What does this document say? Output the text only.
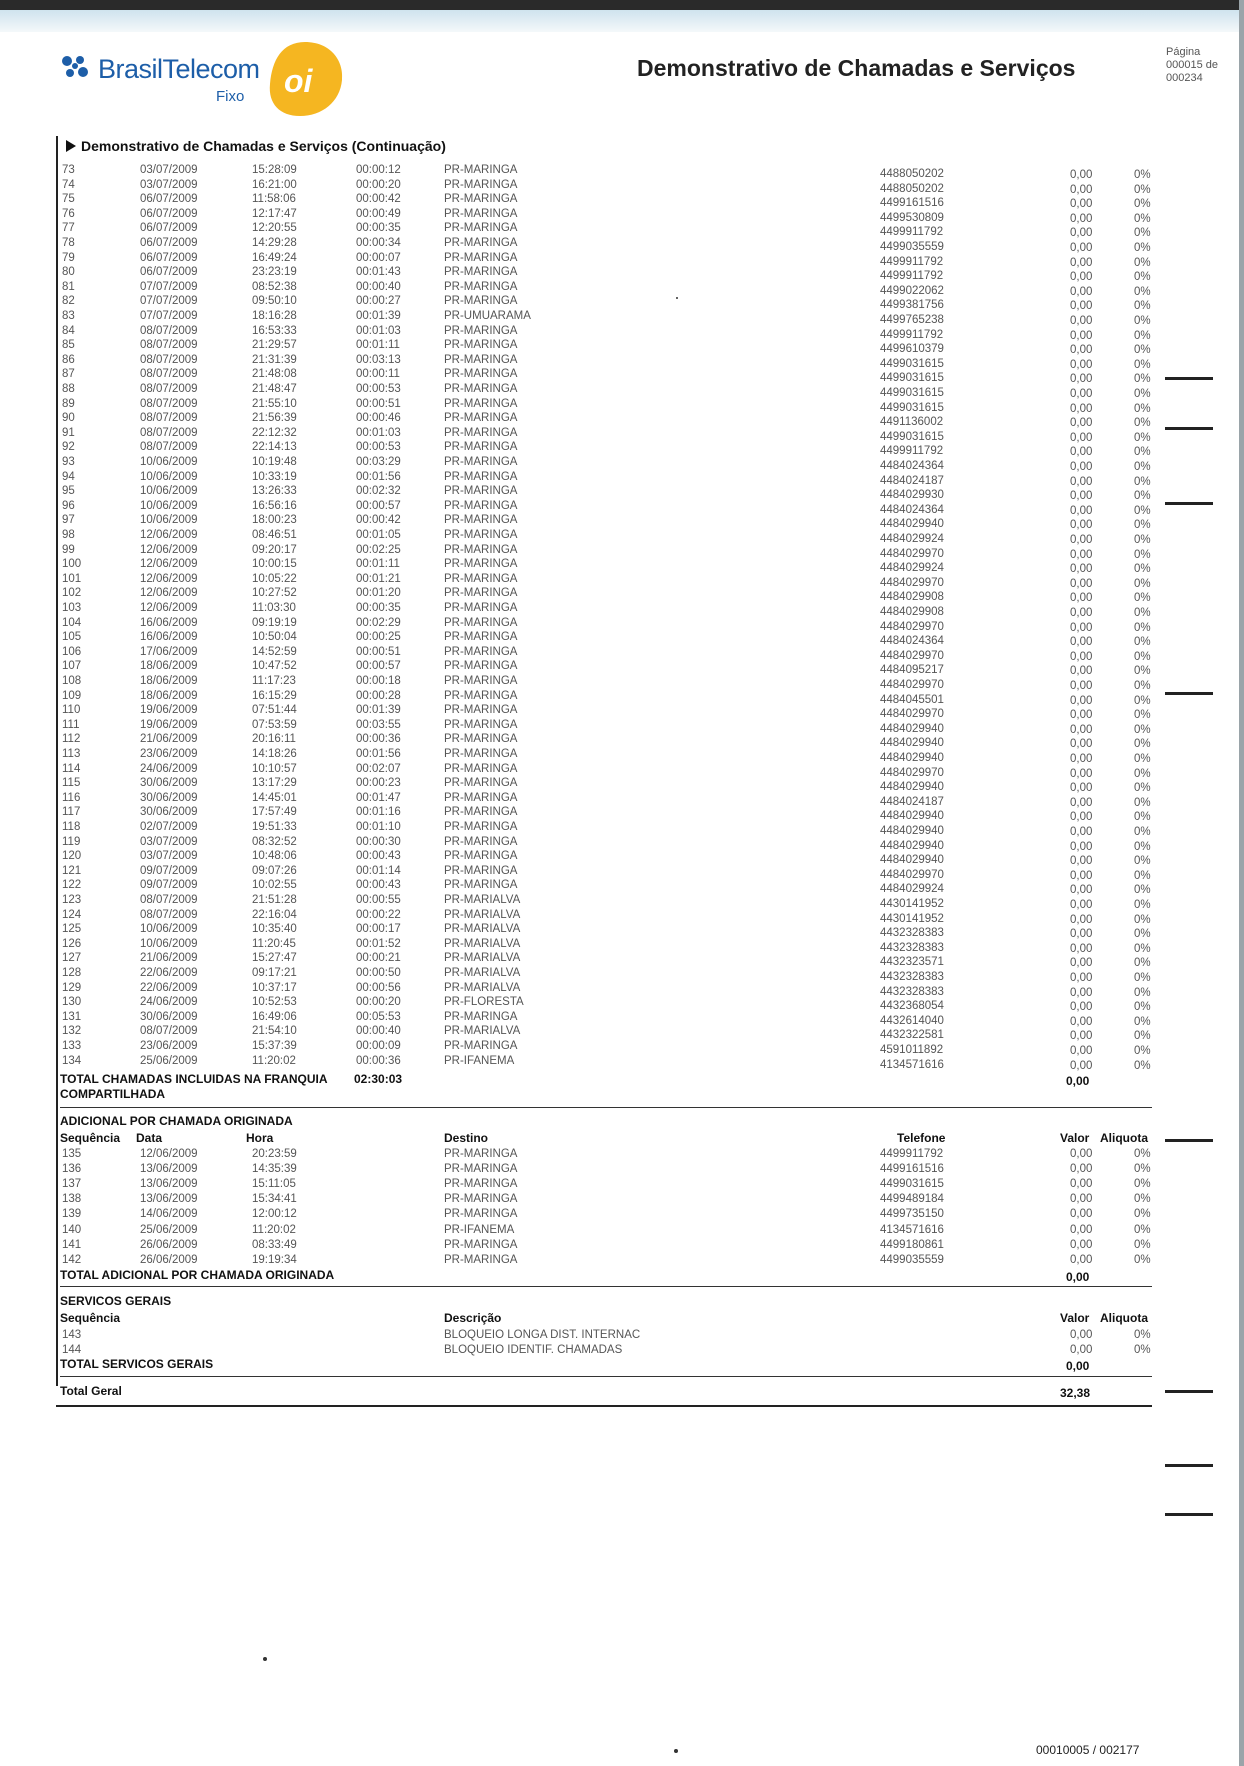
BrasilTelecom
Fixo oi	Demonstrativo de Chamadas e Serviços
Página
000015 de
000234
Demonstrativo de Chamadas e Serviços (Continuação)
73	03/07/2009	15:28:09	00:00:12	PR-MARINGA	4488050202	0,00	0%
74	03/07/2009	16:21:00	00:00:20	PR-MARINGA	4488050202	0,00	0%
75	06/07/2009	11:58:06	00:00:42	PR-MARINGA	4499161516	0,00	0%
76	06/07/2009	12:17:47	00:00:49	PR-MARINGA	4499530809	0,00	0%
77	06/07/2009	12:20:55	00:00:35	PR-MARINGA	4499911792	0,00	0%
78	06/07/2009	14:29:28	00:00:34	PR-MARINGA	4499035559	0,00	0%
79	06/07/2009	16:49:24	00:00:07	PR-MARINGA	4499911792	0,00	0%
80	06/07/2009	23:23:19	00:01:43	PR-MARINGA	4499911792	0,00	0%
81	07/07/2009	08:52:38	00:00:40	PR-MARINGA	4499022062	0,00	0%
82	07/07/2009	09:50:10	00:00:27	PR-MARINGA	4499381756	0,00	0%
83	07/07/2009	18:16:28	00:01:39	PR-UMUARAMA	4499765238	0,00	0%
84	08/07/2009	16:53:33	00:01:03	PR-MARINGA	4499911792	0,00	0%
85	08/07/2009	21:29:57	00:01:11	PR-MARINGA	4499610379	0,00	0%
86	08/07/2009	21:31:39	00:03:13	PR-MARINGA	4499031615	0,00	0%
87	08/07/2009	21:48:08	00:00:11	PR-MARINGA	4499031615	0,00	0%
88	08/07/2009	21:48:47	00:00:53	PR-MARINGA	4499031615	0,00	0%
89	08/07/2009	21:55:10	00:00:51	PR-MARINGA	4499031615	0,00	0%
90	08/07/2009	21:56:39	00:00:46	PR-MARINGA	4491136002	0,00	0%
91	08/07/2009	22:12:32	00:01:03	PR-MARINGA	4499031615	0,00	0%
92	08/07/2009	22:14:13	00:00:53	PR-MARINGA	4499911792	0,00	0%
93	10/06/2009	10:19:48	00:03:29	PR-MARINGA	4484024364	0,00	0%
94	10/06/2009	10:33:19	00:01:56	PR-MARINGA	4484024187	0,00	0%
95	10/06/2009	13:26:33	00:02:32	PR-MARINGA	4484029930	0,00	0%
96	10/06/2009	16:56:16	00:00:57	PR-MARINGA	4484024364	0,00	0%
97	10/06/2009	18:00:23	00:00:42	PR-MARINGA	4484029940	0,00	0%
98	12/06/2009	08:46:51	00:01:05	PR-MARINGA	4484029924	0,00	0%
99	12/06/2009	09:20:17	00:02:25	PR-MARINGA	4484029970	0,00	0%
100	12/06/2009	10:00:15	00:01:11	PR-MARINGA	4484029924	0,00	0%
101	12/06/2009	10:05:22	00:01:21	PR-MARINGA	4484029970	0,00	0%
102	12/06/2009	10:27:52	00:01:20	PR-MARINGA	4484029908	0,00	0%
103	12/06/2009	11:03:30	00:00:35	PR-MARINGA	4484029908	0,00	0%
104	16/06/2009	09:19:19	00:02:29	PR-MARINGA	4484029970	0,00	0%
105	16/06/2009	10:50:04	00:00:25	PR-MARINGA	4484024364	0,00	0%
106	17/06/2009	14:52:59	00:00:51	PR-MARINGA	4484029970	0,00	0%
107	18/06/2009	10:47:52	00:00:57	PR-MARINGA	4484095217	0,00	0%
108	18/06/2009	11:17:23	00:00:18	PR-MARINGA	4484029970	0,00	0%
109	18/06/2009	16:15:29	00:00:28	PR-MARINGA	4484045501	0,00	0%
110	19/06/2009	07:51:44	00:01:39	PR-MARINGA	4484029970	0,00	0%
111	19/06/2009	07:53:59	00:03:55	PR-MARINGA	4484029940	0,00	0%
112	21/06/2009	20:16:11	00:00:36	PR-MARINGA	4484029940	0,00	0%
113	23/06/2009	14:18:26	00:01:56	PR-MARINGA	4484029940	0,00	0%
114	24/06/2009	10:10:57	00:02:07	PR-MARINGA	4484029970	0,00	0%
115	30/06/2009	13:17:29	00:00:23	PR-MARINGA	4484029940	0,00	0%
116	30/06/2009	14:45:01	00:01:47	PR-MARINGA	4484024187	0,00	0%
117	30/06/2009	17:57:49	00:01:16	PR-MARINGA	4484029940	0,00	0%
118	02/07/2009	19:51:33	00:01:10	PR-MARINGA	4484029940	0,00	0%
119	03/07/2009	08:32:52	00:00:30	PR-MARINGA	4484029940	0,00	0%
120	03/07/2009	10:48:06	00:00:43	PR-MARINGA	4484029940	0,00	0%
121	09/07/2009	09:07:26	00:01:14	PR-MARINGA	4484029970	0,00	0%
122	09/07/2009	10:02:55	00:00:43	PR-MARINGA	4484029924	0,00	0%
123	08/07/2009	21:51:28	00:00:55	PR-MARIALVA	4430141952	0,00	0%
124	08/07/2009	22:16:04	00:00:22	PR-MARIALVA	4430141952	0,00	0%
125	10/06/2009	10:35:40	00:00:17	PR-MARIALVA	4432328383	0,00	0%
126	10/06/2009	11:20:45	00:01:52	PR-MARIALVA	4432328383	0,00	0%
127	21/06/2009	15:27:47	00:00:21	PR-MARIALVA	4432323571	0,00	0%
128	22/06/2009	09:17:21	00:00:50	PR-MARIALVA	4432328383	0,00	0%
129	22/06/2009	10:37:17	00:00:56	PR-MARIALVA	4432328383	0,00	0%
130	24/06/2009	10:52:53	00:00:20	PR-FLORESTA	4432368054	0,00	0%
131	30/06/2009	16:49:06	00:05:53	PR-MARINGA	4432614040	0,00	0%
132	08/07/2009	21:54:10	00:00:40	PR-MARIALVA	4432322581	0,00	0%
133	23/06/2009	15:37:39	00:00:09	PR-MARINGA	4591011892	0,00	0%
134	25/06/2009	11:20:02	00:00:36	PR-IFANEMA	4134571616	0,00	0%
TOTAL CHAMADAS INCLUIDAS NA FRANQUIA
COMPARTILHADA
02:30:03	0,00
ADICIONAL POR CHAMADA ORIGINADA
Sequência Data	Hora	Destino	Telefone	Valor Aliquota
135	12/06/2009	20:23:59	PR-MARINGA	4499911792	0,00	0%
136	13/06/2009	14:35:39	PR-MARINGA	4499161516	0,00	0%
137	13/06/2009	15:11:05	PR-MARINGA	4499031615	0,00	0%
138	13/06/2009	15:34:41	PR-MARINGA	4499489184	0,00	0%
139	14/06/2009	12:00:12	PR-MARINGA	4499735150	0,00	0%
140	25/06/2009	11:20:02	PR-IFANEMA	4134571616	0,00	0%
141	26/06/2009	08:33:49	PR-MARINGA	4499180861	0,00	0%
142	26/06/2009	19:19:34	PR-MARINGA	4499035559	0,00	0%
TOTAL ADICIONAL POR CHAMADA ORIGINADA	0,00
SERVICOS GERAIS
Sequência	Descrição	Valor Aliquota
143	BLOQUEIO LONGA DIST. INTERNAC	0,00	0%
144	BLOQUEIO IDENTIF. CHAMADAS	0,00	0%
TOTAL SERVICOS GERAIS	0,00
Total Geral	32,38
00010005 / 002177
